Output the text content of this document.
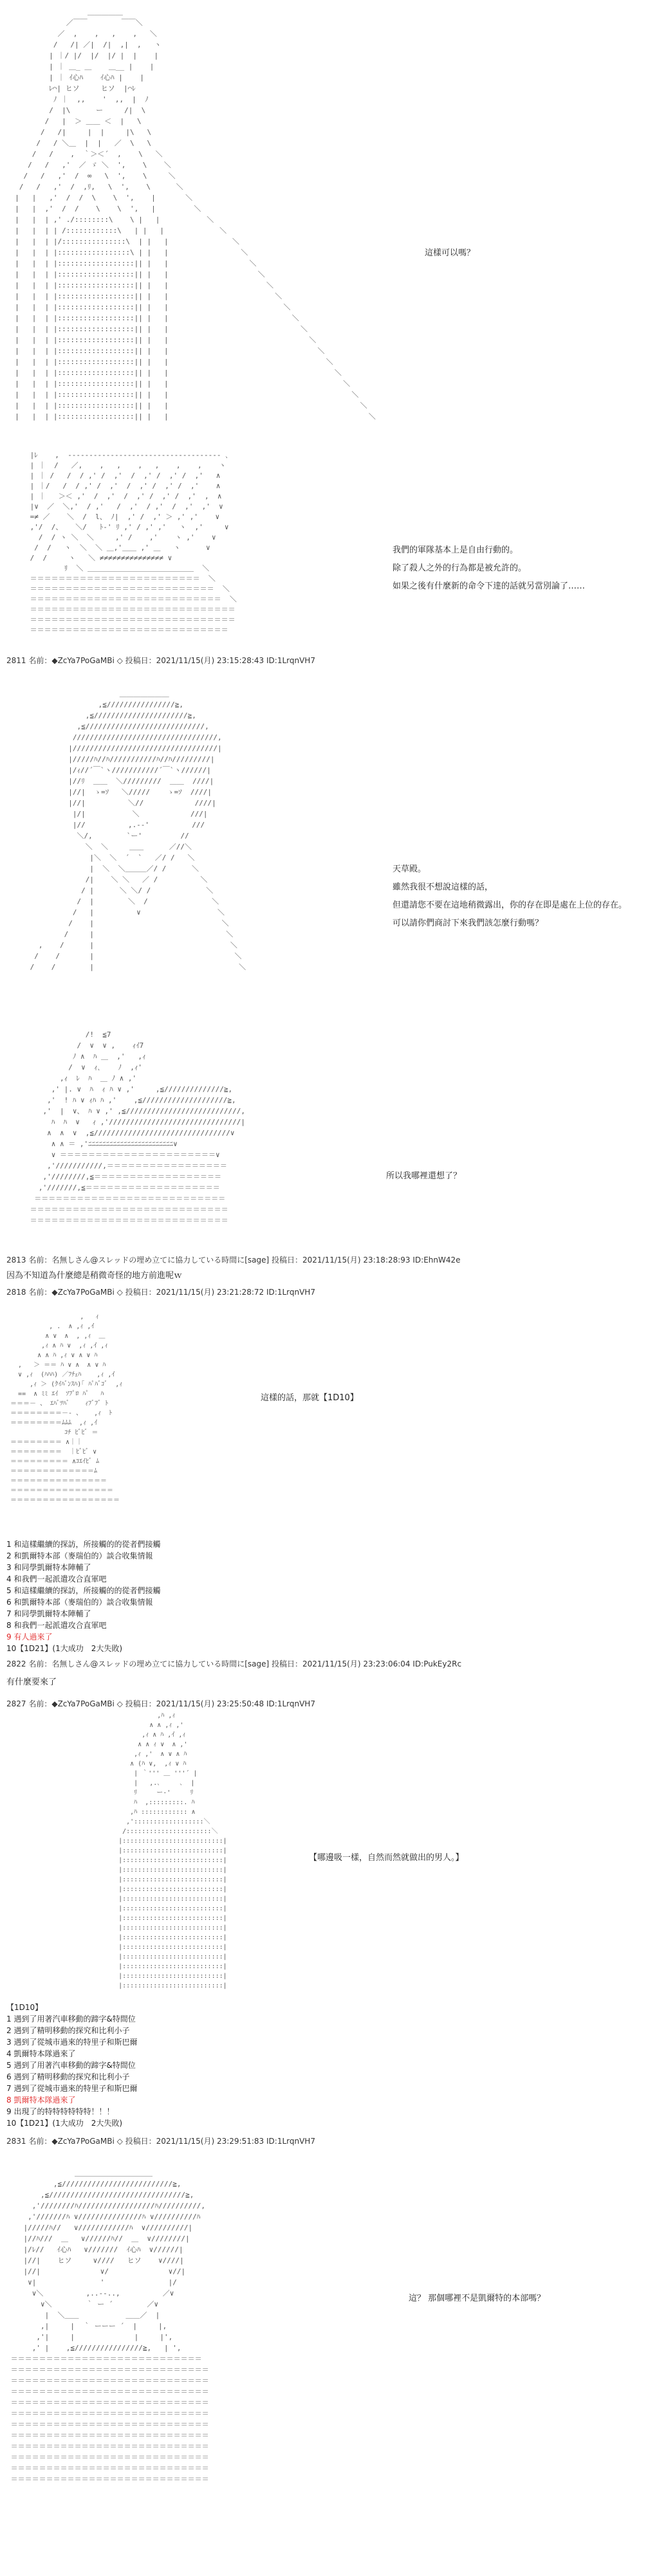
＿＿＿＿＿
／￣￣        ￣￣＼
／  ,    ,   ,    ,   ＼
/   /| ／|  /|  ,|  ,   ヽ
| ｜/ |/  |/  |/ |  |    |
| ｜ ＿_ ＿    ＿__ |    |
| ｜ ｲ心ﾊ    ｲ心ﾊ |    |
ﾚ⌒| ヒソ     ヒソ  |⌒ﾚ
ﾉ ｜  ,,    '  ,,  |  ﾉ
/  |\      ー     /|  \
/   |  ＞ ＿＿ ＜  |   \
/   /|     |  |     |\   \
/   / ＼＿  |  |   ／  \   \
/   /    ,  ｀＞＜´  ,    \   ＼
/   /   ,'  ／ ゞ ＼  ',    \    ＼
/   /   ,'  /  ∞   \  ',    \     ＼
/   /   ,'  /  ,ﾘ,   \  ',    \      ＼
|   |   ,'  /  /  \    \  ',    |       ＼
|   |  ,'  /  /    \    \  ',   |         ＼
|   |  | ,' ./::::::::\    \ |   |           ＼
|   |  | | /::::::::::::\   | |   |             ＼
|   |  | |/:::::::::::::::\  | |   |               ＼
|   |  | |:::::::::::::::::\ | |   |                 ＼
|   |  | |::::::::::::::::::|| |   |                   ＼
|   |  | |::::::::::::::::::|| |   |                     ＼
|   |  | |::::::::::::::::::|| |   |                       ＼
|   |  | |::::::::::::::::::|| |   |                         ＼
|   |  | |::::::::::::::::::|| |   |                           ＼
|   |  | |::::::::::::::::::|| |   |                             ＼
|   |  | |::::::::::::::::::|| |   |                               ＼
|   |  | |::::::::::::::::::|| |   |                                 ＼
|   |  | |::::::::::::::::::|| |   |                                   ＼
|   |  | |::::::::::::::::::|| |   |                                     ＼
|   |  | |::::::::::::::::::|| |   |                                       ＼
|   |  | |::::::::::::::::::|| |   |                                         ＼
|   |  | |::::::::::::::::::|| |   |                                           ＼
|   |  | |::::::::::::::::::|| |   |                                             ＼
|   |  | |::::::::::::::::::|| |   |                                               ＼

這樣可以嗎？
|ﾚ    ,  ------------------------------------ ､
| ｜  /   ／,    ,   ,    ,   ,    ,    ,    ヽ
| ｜ /   /  / ,' /  ,'  /  ,' /  ,' /  ,'   ∧
| ｜/   /  / ,' /  ,'  /  ,' /  ,' /  ,'    ∧
| ｜   ＞＜ ,'  /  ,'  /  ,' /  ,' /  ,'  ,  ∧
|∨  ／  ＼,'  / ,'   /  ,'  / ,'  /  ,'  ,'  ∨
=≠ ／    ＼  /  l、 ﾉ|  ,' /  ,' ＞ ,' ,'    ∨
,'/  /、   ＼/   ﾄ-' ﾘ ,' / ,' ,'   ヽ  ,'     ∨
/  / ヽ ＼  ＼     ,' /    ,'    ヽ ,'    ∨
/  /   ヽ  ＼  ＼ ＿,'＿＿ ,' ＿   ヽ      ∨
/  /     ヽ   ＼ ≠≠≠≠≠≠≠≠≠≠≠≠≠≠≠ ∨
ﾘ  ＼ ＿＿＿＿＿＿＿＿＿＿＿＿＿＿＿  ＼
＝＝＝＝＝＝＝＝＝＝＝＝＝＝＝＝＝＝＝＝＝＝＝＝  ＼
＝＝＝＝＝＝＝＝＝＝＝＝＝＝＝＝＝＝＝＝＝＝＝＝＝＝  ＼
＝＝＝＝＝＝＝＝＝＝＝＝＝＝＝＝＝＝＝＝＝＝＝＝＝＝＝  ＼
＝＝＝＝＝＝＝＝＝＝＝＝＝＝＝＝＝＝＝＝＝＝＝＝＝＝＝＝＝
＝＝＝＝＝＝＝＝＝＝＝＝＝＝＝＝＝＝＝＝＝＝＝＝＝＝＝＝＝
＝＝＝＝＝＝＝＝＝＝＝＝＝＝＝＝＝＝＝＝＝＝＝＝＝＝＝＝

我們的軍隊基本上是自由行動的。
除了殺人之外的行為都是被允許的。
如果之後有什麼新的命令下達的話就另當別論了……
2811 名前：◆ZcYa7PoGaMBi ◇ 投稿日：2021/11/15(月) 23:15:28:43 ID:1LrqnVH7
＿＿＿＿＿＿＿
,≦////////////////≧,
,≦//////////////////////≧,
,≦////////////////////////////,
//////////////////////////////////,
|//////////////////////////////////|
|/////ﾊ//ﾊ///////////ﾊ//ﾊ/////////|
|/ｨ//´￣`ヽ///////////´￣`ヽ//////|
|//ﾘ  ＿＿  ＼/////////  ＿＿  ////|
|//|  ゝ=ｿ   ＼/////    ゝ=ｿ  ////|
|//|          ＼//            ////|
|/|           ＼            ///|
|//          ,.-‐'          ///
＼/,        `ー'         //
＼  ＼     ＿＿      ／//＼
|＼  ＼  ´  `   ／/ /   ＼
|  ＼  ＼＿＿＿／/ /      ＼
/|    ＼ ＼   ／ /          ＼
/ |      ＼ ＼/ /             ＼
/  |        ＼  /               ＼
/   |          ∨                  ＼
/    |                              ＼
/     |                               ＼
,    /      |                                ＼
/    /       |                                 ＼
/    /        |                                  ＼

天草殿。
雖然我很不想說這樣的話，
但還請您不要在這地稍微露出，你的存在即是處在上位的存在。
可以請你們商討下來我們該怎麼行動嗎？
/!  ≦7
/  ∨  ∨ ,    ｨｲ7
ﾉ ∧  ﾊ ＿  ,'   ,ｨ
/  ∨  ｨ､    ﾉ  ,ｨ'
,ｨ  ﾚ  ﾊ  ＿ ﾉ ∧ ,'
,' |. ∨  ﾊ  ｨ ﾊ ∨ ,'     ,≦//////////////≧,
,'  ! ﾊ ∨ ｨﾊ ﾊ ,'    ,≦////////////////////≧,
,'  |  ∨、 ﾊ ∨ ,' ,≦///////////////////////////,
ﾊ  ﾊ  ∨   ｨ ,'///////////////////////////////|
∧  ∧  ∨  ,≦////////////////////////////////∨
∧ ∧ ＝ ,'ﾆﾆﾆﾆﾆﾆﾆﾆﾆﾆﾆﾆﾆﾆﾆﾆﾆﾆﾆﾆﾆﾆﾆﾆ∨
∨ ＝＝＝＝＝＝＝＝＝＝＝＝＝＝＝＝＝＝＝＝＝＝∨
,'///////////,＝＝＝＝＝＝＝＝＝＝＝＝＝＝＝＝＝
,'////////,≦＝＝＝＝＝＝＝＝＝＝＝＝＝＝＝＝＝＝
,'///////,≦＝＝＝＝＝＝＝＝＝＝＝＝＝＝＝＝＝＝＝
＝＝＝＝＝＝＝＝＝＝＝＝＝＝＝＝＝＝＝＝＝＝＝＝＝＝＝
＝＝＝＝＝＝＝＝＝＝＝＝＝＝＝＝＝＝＝＝＝＝＝＝＝＝＝＝
＝＝＝＝＝＝＝＝＝＝＝＝＝＝＝＝＝＝＝＝＝＝＝＝＝＝＝＝

所以我哪裡還想了？
2813 名前：名無しさん@スレッドの埋め立てに協力している時間に[sage] 投稿日：2021/11/15(月) 23:18:28:93 ID:EhnW42e
因為不知道為什麼總是稍微奇怪的地方前進呢ｗ
2818 名前：◆ZcYa7PoGaMBi ◇ 投稿日：2021/11/15(月) 23:21:28:72 ID:1LrqnVH7
,   ｨ
, .  ∧ ,ｨ ,ｲ
∧ ∨  ∧  , ,ｨ  ＿
,ｨ ∧ ﾊ ∨  ,ｨ ,ｲ ,ｨ
∧ ∧ ﾊ ,ｨ ∨ ∧ ∨ ﾊ
,   ＞ ＝＝ ﾊ ∨ ∧  ∧ ∨ ﾊ
∨ ,ｨ  (ﾊﾊﾊ) ／ﾌﾁｪﾊ    ,ｨ ,ｲ
,ｨ ＞ (ｸｲﾊﾞﾝｽﾊ)｢ ﾊﾟﾊﾞｺﾞ  ,ｨ
==  ∧ ﾐﾐ ｴｲ  ｿﾌﾟﾛ ﾊﾟ   ﾊ
＝＝＝－ 、 ｴﾊﾞﾂﾊﾞ    ｨﾌﾞﾌﾞ ﾄ
＝＝＝＝＝＝＝＝－‐ 、   ,ｨ  ﾄ
＝＝＝＝＝＝＝＝ﾑﾑﾑ  ,ｨ ,ｲ
ｺﾁ ﾋﾞﾋﾞ ＝
＝＝＝＝＝＝＝＝ ∧｜｜
＝＝＝＝＝＝＝＝  ｜ﾋﾞﾋﾞ ∨
＝＝＝＝＝＝＝＝＝ ∧ｺｴｲﾋﾞ ﾑ
＝＝＝＝＝＝＝＝＝＝＝＝＝ﾑ
＝＝＝＝＝＝＝＝＝＝＝＝＝＝＝
＝＝＝＝＝＝＝＝＝＝＝＝＝＝＝＝
＝＝＝＝＝＝＝＝＝＝＝＝＝＝＝＝＝

這樣的話，那就【1D10】
1 和這樣繼續的探訪，所接觸的的從者們接觸
2 和凱爾特本部（麥瑞伯的）談合收集情報
3 和同學凱爾特本陣輔了
4 和我們一起派遣攻合直軍吧
5 和這樣繼續的探訪，所接觸的的從者們接觸
6 和凱爾特本部（麥瑞伯的）談合收集情報
7 和同學凱爾特本陣輔了
8 和我們一起派遣攻合直軍吧
9 有人過來了
10【1D21】(1大成功　2大失敗)
2822 名前：名無しさん@スレッドの埋め立てに協力している時間に[sage] 投稿日：2021/11/15(月) 23:23:06:04 ID:PukEy2Rc
有什麼要來了
2827 名前：◆ZcYa7PoGaMBi ◇ 投稿日：2021/11/15(月) 23:25:50:48 ID:1LrqnVH7
,ﾊ ,ｨ
∧ ∧ ,ｨ ,'
,ｨ ∧ ﾊ ,ｲ ,ｨ
∧ ∧ ｨ ∨  ∧ ,'
,ｨ ,'  ∧ ∨ ∧ ﾊ
∧ (ﾊ ∨,  ,ｨ ∨ ﾊ
| ｀''' ＿ '''´ |
|   ,.､     ､  |
ﾘ     ー‐'     ﾘ
ﾊ  ,:::::::::. ﾊ
,ﾊ :::::::::::: ∧
,'::::::::::::::::::＼
/::::::::::::::::::::::＼
|::::::::::::::::::::::::::|
|::::::::::::::::::::::::::|
|::::::::::::::::::::::::::|
|::::::::::::::::::::::::::|
|::::::::::::::::::::::::::|
|::::::::::::::::::::::::::|
|::::::::::::::::::::::::::|
|::::::::::::::::::::::::::|
|::::::::::::::::::::::::::|
|::::::::::::::::::::::::::|
|::::::::::::::::::::::::::|
|::::::::::::::::::::::::::|
|::::::::::::::::::::::::::|
|::::::::::::::::::::::::::|
|::::::::::::::::::::::::::|
|::::::::::::::::::::::::::|

【哪邊吸一樣，自然而然就做出的男人。】
【1D10】
1 遇到了用著汽車移動的蹄字&特間位
2 遇到了精明移動的探究和比利小子
3 遇到了從城市過來的特里子和斯巴爾
4 凱爾特本隊過來了
5 遇到了用著汽車移動的蹄字&特間位
6 遇到了精明移動的探究和比利小子
7 遇到了從城市過來的特里子和斯巴爾
8 凱爾特本隊過來了
9 出現了的特特特特特特！！！
10【1D21】(1大成功　2大失敗)
2831 名前：◆ZcYa7PoGaMBi ◇ 投稿日：2021/11/15(月) 23:29:51:83 ID:1LrqnVH7
＿＿＿＿＿＿＿＿＿＿＿
,≦//////////////////////////≧,
,≦////////////////////////////////≧,
,'////////ﾊ//////////////////ﾊ//////////,
,'///////ﾊ ∨///////////////ﾊ ∨//////////ﾊ
|/////ﾊ//   ∨////////////ﾊ  ∨//////////|
|//ﾊ///  ＿   ∨//////ﾊ//  ＿  ∨////////|
|/ﾚ//   ｲ心ﾊ   ∨///////  ｲ心ﾊ  ∨//////|
|//|    ヒソ     ∨////   ヒソ    ∨////|
|//|              ∨/              ∨//|
∨|               '               |/
∨＼          ,..--..,          ／∨
∨＼        ｀ ー ´        ／∨
|  ＼＿＿           ＿＿／  |
,|     |  ｀ ーーー ´  |     |,
,'|     |              |     |',
,' |    ,≦////////////////≧,   | ',
＝＝＝＝＝＝＝＝＝＝＝＝＝＝＝＝＝＝＝＝＝＝＝＝＝＝＝
＝＝＝＝＝＝＝＝＝＝＝＝＝＝＝＝＝＝＝＝＝＝＝＝＝＝＝＝
＝＝＝＝＝＝＝＝＝＝＝＝＝＝＝＝＝＝＝＝＝＝＝＝＝＝＝＝
＝＝＝＝＝＝＝＝＝＝＝＝＝＝＝＝＝＝＝＝＝＝＝＝＝＝＝＝
＝＝＝＝＝＝＝＝＝＝＝＝＝＝＝＝＝＝＝＝＝＝＝＝＝＝＝＝
＝＝＝＝＝＝＝＝＝＝＝＝＝＝＝＝＝＝＝＝＝＝＝＝＝＝＝＝
＝＝＝＝＝＝＝＝＝＝＝＝＝＝＝＝＝＝＝＝＝＝＝＝＝＝＝＝
＝＝＝＝＝＝＝＝＝＝＝＝＝＝＝＝＝＝＝＝＝＝＝＝＝＝＝＝
＝＝＝＝＝＝＝＝＝＝＝＝＝＝＝＝＝＝＝＝＝＝＝＝＝＝＝＝
＝＝＝＝＝＝＝＝＝＝＝＝＝＝＝＝＝＝＝＝＝＝＝＝＝＝＝＝
＝＝＝＝＝＝＝＝＝＝＝＝＝＝＝＝＝＝＝＝＝＝＝＝＝＝＝＝
＝＝＝＝＝＝＝＝＝＝＝＝＝＝＝＝＝＝＝＝＝＝＝＝＝＝＝＝

這？ 那個哪裡不是凱爾特的本部嗎？
